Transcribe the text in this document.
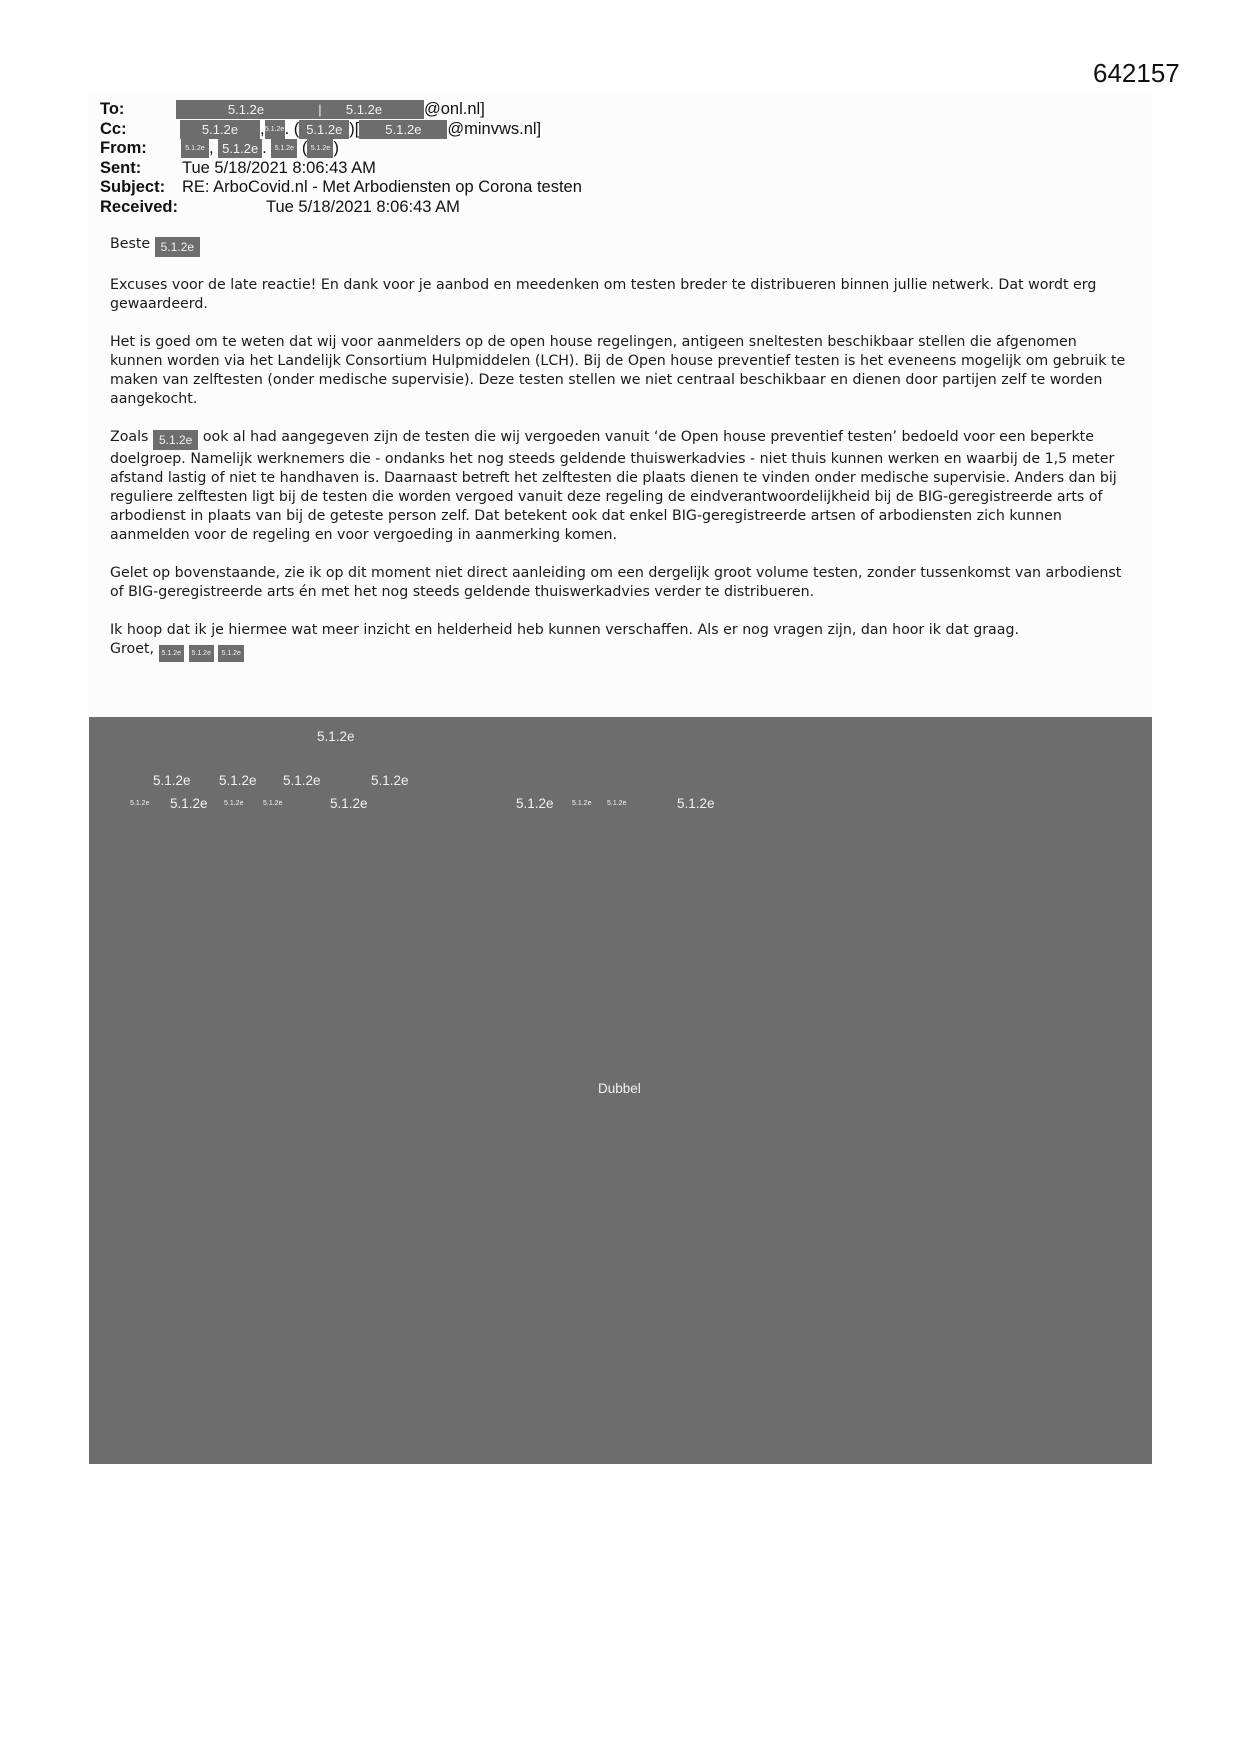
642157
To:	5.1.2e	| 5.1.2e	@onl.nl]
Cc:	5.1.2e ,5.1.2e. ( 5.1.2e )[ 5.1.2e @minvws.nl]
From:	5.1.2e , 5.1.2e . 5.1.2e ( 5.1.2e )
Sent: Tue 5/18/2021 8:06:43 AM
Subject: RE: ArboCovid.nl - Met Arbodiensten op Corona testen
Received:	Tue 5/18/2021 8:06:43 AM

Beste 5.1.2e

Excuses voor de late reactie! En dank voor je aanbod en meedenken om testen breder te distribueren binnen jullie netwerk. Dat wordt erg gewaardeerd.

Het is goed om te weten dat wij voor aanmelders op de open house regelingen, antigeen sneltesten beschikbaar stellen die afgenomen kunnen worden via het Landelijk Consortium Hulpmiddelen (LCH). Bij de Open house preventief testen is het eveneens mogelijk om gebruik te maken van zelftesten (onder medische supervisie). Deze testen stellen we niet centraal beschikbaar en dienen door partijen zelf te worden aangekocht.

Zoals 5.1.2e ook al had aangegeven zijn de testen die wij vergoeden vanuit ‘de Open house preventief testen’ bedoeld voor een beperkte doelgroep. Namelijk werknemers die - ondanks het nog steeds geldende thuiswerkadvies - niet thuis kunnen werken en waarbij de 1,5 meter afstand lastig of niet te handhaven is. Daarnaast betreft het zelftesten die plaats dienen te vinden onder medische supervisie. Anders dan bij reguliere zelftesten ligt bij de testen die worden vergoed vanuit deze regeling de eindverantwoordelijkheid bij de BIG-geregistreerde arts of arbodienst in plaats van bij de geteste person zelf. Dat betekent ook dat enkel BIG-geregistreerde artsen of arbodiensten zich kunnen aanmelden voor de regeling en voor vergoeding in aanmerking komen.

Gelet op bovenstaande, zie ik op dit moment niet direct aanleiding om een dergelijk groot volume testen, zonder tussenkomst van arbodienst of BIG-geregistreerde arts én met het nog steeds geldende thuiswerkadvies verder te distribueren.

Ik hoop dat ik je hiermee wat meer inzicht en helderheid heb kunnen verschaffen. Als er nog vragen zijn, dan hoor ik dat graag.

Groet, 5.1.2e 5.1.2e 5.1.2e

5.1.2e
5.1.2e 5.1.2e 5.1.2e	5.1.2e
5.1.2e 5.1.2e 5.1.2e	5.1.2e	5.1.2e	5.1.2e	5.1.2e 5.1.2e	5.1.2e
Dubbel
